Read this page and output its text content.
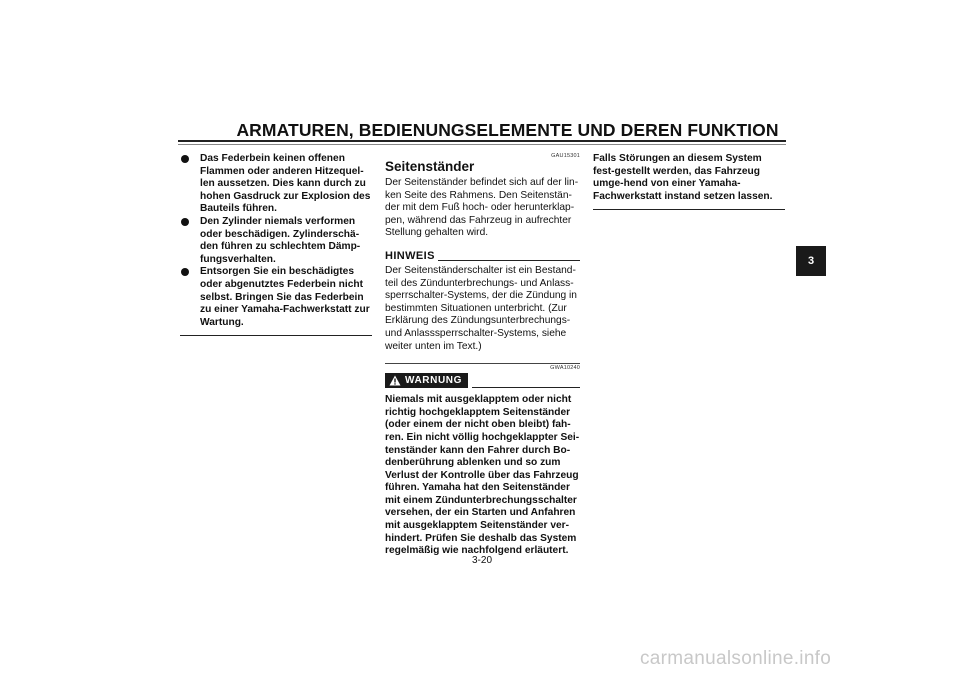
ARMATUREN, BEDIENUNGSELEMENTE UND DEREN FUNKTION
Das Federbein keinen offenen Flammen oder anderen Hitzequel-len aussetzen. Dies kann durch zu hohen Gasdruck zur Explosion des Bauteils führen.
Den Zylinder niemals verformen oder beschädigen. Zylinderschä-den führen zu schlechtem Dämp-fungsverhalten.
Entsorgen Sie ein beschädigtes oder abgenutztes Federbein nicht selbst. Bringen Sie das Federbein zu einer Yamaha-Fachwerkstatt zur Wartung.
GAU15301
Seitenständer
Der Seitenständer befindet sich auf der lin-ken Seite des Rahmens. Den Seitenstän-der mit dem Fuß hoch- oder herunterklap-pen, während das Fahrzeug in aufrechter Stellung gehalten wird.
HINWEIS
Der Seitenständerschalter ist ein Bestand-teil des Zündunterbrechungs- und Anlass-sperrschalter-Systems, der die Zündung in bestimmten Situationen unterbricht. (Zur Erklärung des Zündungsunterbrechungs- und Anlasssperrschalter-Systems, siehe weiter unten im Text.)
GWA10240
WARNUNG
Niemals mit ausgeklapptem oder nicht richtig hochgeklapptem Seitenständer (oder einem der nicht oben bleibt) fah-ren. Ein nicht völlig hochgeklappter Sei-tenständer kann den Fahrer durch Bo-denberührung ablenken und so zum Verlust der Kontrolle über das Fahrzeug führen. Yamaha hat den Seitenständer mit einem Zündunterbrechungsschalter versehen, der ein Starten und Anfahren mit ausgeklapptem Seitenständer ver-hindert. Prüfen Sie deshalb das System regelmäßig wie nachfolgend erläutert.
Falls Störungen an diesem System fest-gestellt werden, das Fahrzeug umge-hend von einer Yamaha-Fachwerkstatt instand setzen lassen.
3
3-20
carmanualsonline.info
